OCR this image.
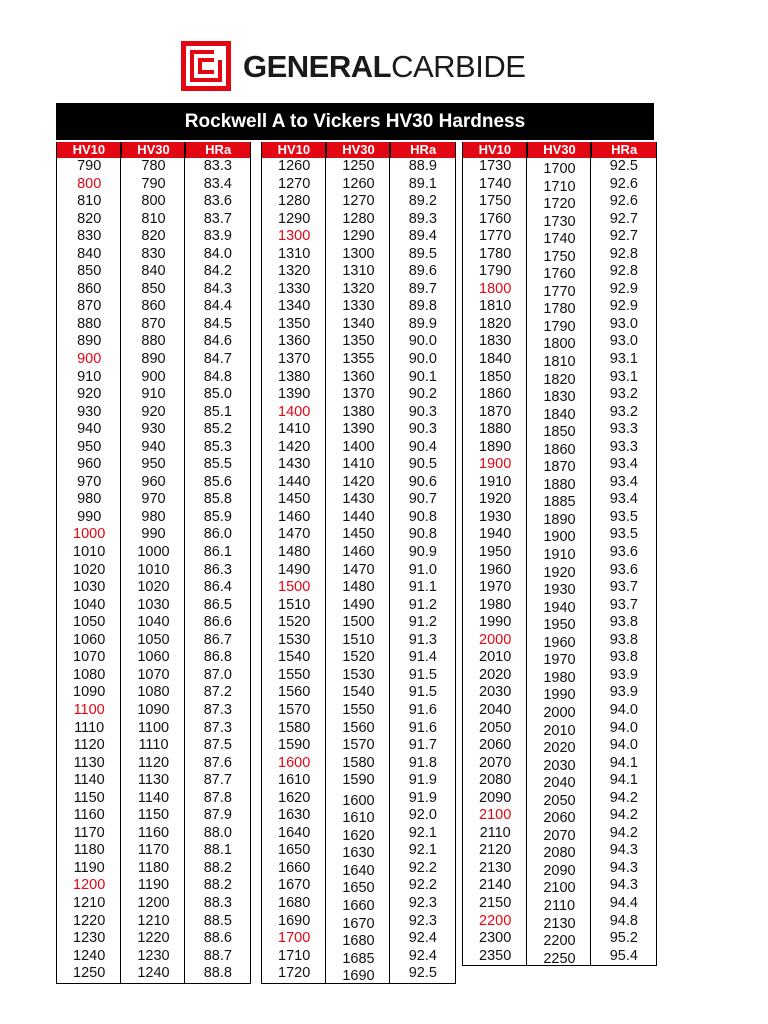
GENERALCARBIDE
Rockwell A to Vickers HV30 Hardness
HV10	HV30	HRa
790	780	83.3
800	790	83.4
810	800	83.6
820	810	83.7
830	820	83.9
840	830	84.0
850	840	84.2
860	850	84.3
870	860	84.4
880	870	84.5
890	880	84.6
900	890	84.7
910	900	84.8
920	910	85.0
930	920	85.1
940	930	85.2
950	940	85.3
960	950	85.5
970	960	85.6
980	970	85.8
990	980	85.9
1000	990	86.0
1010	1000	86.1
1020	1010	86.3
1030	1020	86.4
1040	1030	86.5
1050	1040	86.6
1060	1050	86.7
1070	1060	86.8
1080	1070	87.0
1090	1080	87.2
1100	1090	87.3
1110	1100	87.3
1120	1110	87.5
1130	1120	87.6
1140	1130	87.7
1150	1140	87.8
1160	1150	87.9
1170	1160	88.0
1180	1170	88.1
1190	1180	88.2
1200	1190	88.2
1210	1200	88.3
1220	1210	88.5
1230	1220	88.6
1240	1230	88.7
1250	1240	88.8
HV10	HV30	HRa
1260	1250	88.9
1270	1260	89.1
1280	1270	89.2
1290	1280	89.3
1300	1290	89.4
1310	1300	89.5
1320	1310	89.6
1330	1320	89.7
1340	1330	89.8
1350	1340	89.9
1360	1350	90.0
1370	1355	90.0
1380	1360	90.1
1390	1370	90.2
1400	1380	90.3
1410	1390	90.3
1420	1400	90.4
1430	1410	90.5
1440	1420	90.6
1450	1430	90.7
1460	1440	90.8
1470	1450	90.8
1480	1460	90.9
1490	1470	91.0
1500	1480	91.1
1510	1490	91.2
1520	1500	91.2
1530	1510	91.3
1540	1520	91.4
1550	1530	91.5
1560	1540	91.5
1570	1550	91.6
1580	1560	91.6
1590	1570	91.7
1600	1580	91.8
1610	1590	91.9
1620	1600	91.9
1630	1610	92.0
1640	1620	92.1
1650	1630	92.1
1660	1640	92.2
1670	1650	92.2
1680	1660	92.3
1690	1670	92.3
1700	1680	92.4
1710	1685	92.4
1720	1690	92.5
HV10	HV30	HRa
1730	1700	92.5
1740	1710	92.6
1750	1720	92.6
1760	1730	92.7
1770	1740	92.7
1780	1750	92.8
1790	1760	92.8
1800	1770	92.9
1810	1780	92.9
1820	1790	93.0
1830	1800	93.0
1840	1810	93.1
1850	1820	93.1
1860	1830	93.2
1870	1840	93.2
1880	1850	93.3
1890	1860	93.3
1900	1870	93.4
1910	1880	93.4
1920	1885	93.4
1930	1890	93.5
1940	1900	93.5
1950	1910	93.6
1960	1920	93.6
1970	1930	93.7
1980	1940	93.7
1990	1950	93.8
2000	1960	93.8
2010	1970	93.8
2020	1980	93.9
2030	1990	93.9
2040	2000	94.0
2050	2010	94.0
2060	2020	94.0
2070	2030	94.1
2080	2040	94.1
2090	2050	94.2
2100	2060	94.2
2110	2070	94.2
2120	2080	94.3
2130	2090	94.3
2140	2100	94.3
2150	2110	94.4
2200	2130	94.8
2300	2200	95.2
2350	2250	95.4
